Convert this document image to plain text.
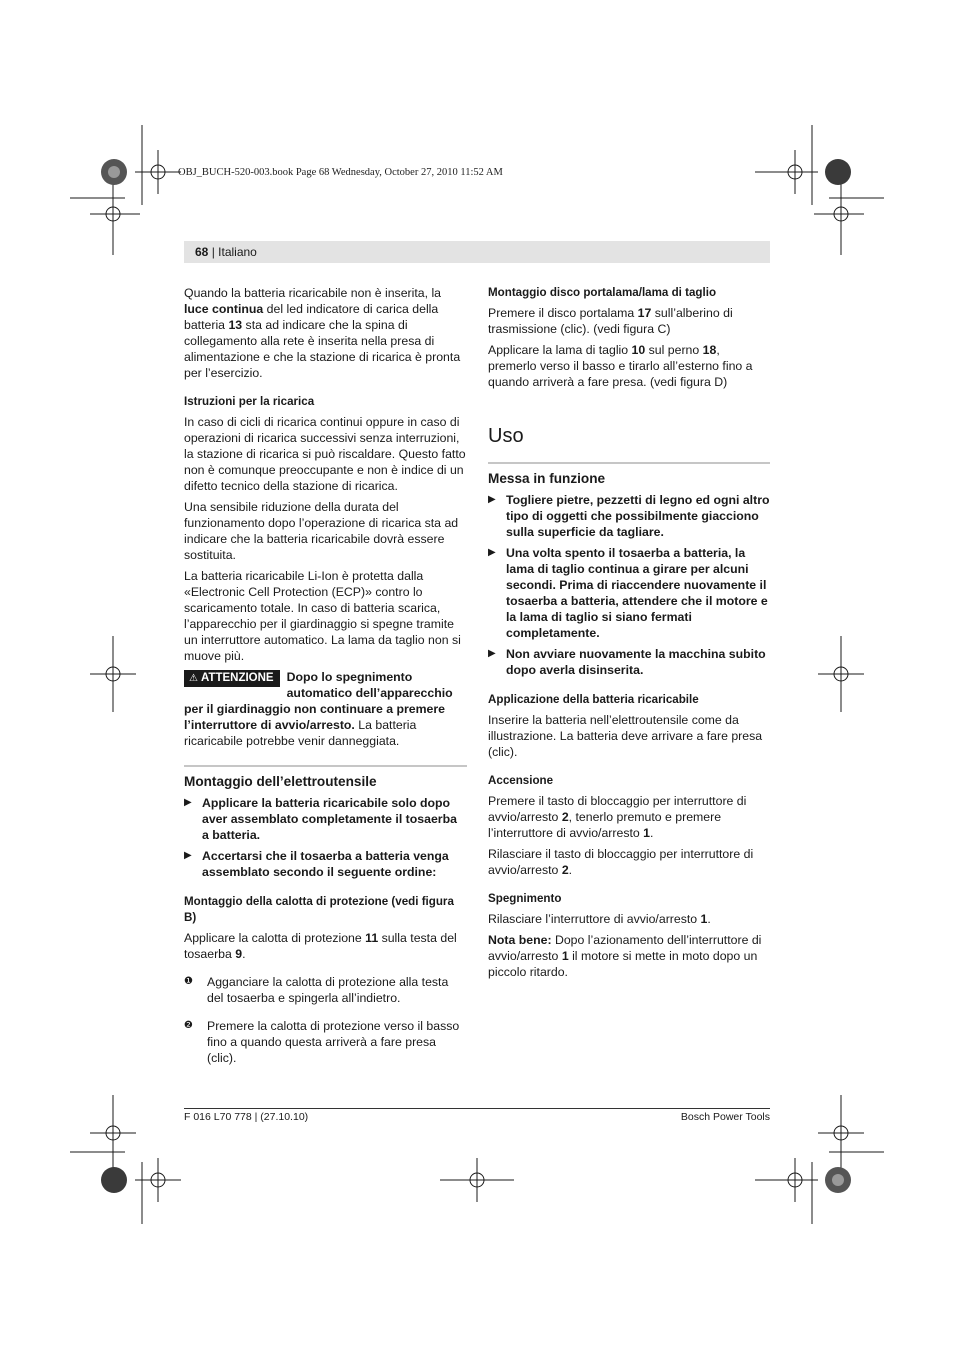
OBJ_BUCH-520-003.book Page 68 Wednesday, October 27, 2010 11:52 AM
68 | Italiano

Quando la batteria ricaricabile non è inserita, la luce continua del led indicatore di carica della batteria 13 sta ad indicare che la spina di collegamento alla rete è inserita nella presa di alimentazione e che la stazione di ricarica è pronta per l’esercizio.

Istruzioni per la ricarica

In caso di cicli di ricarica continui oppure in caso di operazioni di ricarica successivi senza interruzioni, la stazione di ricarica si può riscaldare. Questo fatto non è comunque preoccupante e non è indice di un difetto tecnico della stazione di ricarica.

Una sensibile riduzione della durata del funzionamento dopo l’operazione di ricarica sta ad indicare che la batteria ricaricabile dovrà essere sostituita.

La batteria ricaricabile Li-Ion è protetta dalla «Electronic Cell Protection (ECP)» contro lo scaricamento totale. In caso di batteria scarica, l’apparecchio per il giardinaggio si spegne tramite un interruttore automatico. La lama da taglio non si muove più.

⚠ ATTENZIONE	Dopo lo spegnimento automatico dell’apparecchio per il giardinaggio non continuare a premere l’interruttore di avvio/arresto. La batteria ricaricabile potrebbe venir danneggiata.

Montaggio dell’elettroutensile
▶ Applicare la batteria ricaricabile solo dopo aver assemblato completamente il tosaerba a batteria.
▶ Accertarsi che il tosaerba a batteria venga assemblato secondo il seguente ordine:
Montaggio della calotta di protezione (vedi figura B)

Applicare la calotta di protezione 11 sulla testa del tosaerba 9.

❶	Agganciare la calotta di protezione alla testa del tosaerba e spingerla all’indietro.
❷	Premere la calotta di protezione verso il basso fino a quando questa arriverà a fare presa (clic).
Montaggio disco portalama/lama di taglio

Premere il disco portalama 17 sull’alberino di trasmissione (clic). (vedi figura C)

Applicare la lama di taglio 10 sul perno 18, premerlo verso il basso e tirarlo all’esterno fino a quando arriverà a fare presa. (vedi figura D)

Uso
Messa in funzione
▶ Togliere pietre, pezzetti di legno ed ogni altro tipo di oggetti che possibilmente giacciono sulla superficie da tagliare.
▶ Una volta spento il tosaerba a batteria, la lama di taglio continua a girare per alcuni secondi. Prima di riaccendere nuovamente il tosaerba a batteria, attendere che il motore e la lama di taglio si siano fermati completamente.
▶ Non avviare nuovamente la macchina subito dopo averla disinserita.
Applicazione della batteria ricaricabile

Inserire la batteria nell’elettroutensile come da illustrazione. La batteria deve arrivare a fare presa (clic).

Accensione

Premere il tasto di bloccaggio per interruttore di avvio/arresto 2, tenerlo premuto e premere l’interruttore di avvio/arresto 1.

Rilasciare il tasto di bloccaggio per interruttore di avvio/arresto 2.

Spegnimento

Rilasciare l’interruttore di avvio/arresto 1.

Nota bene: Dopo l’azionamento dell’interruttore di avvio/arresto 1 il motore si mette in moto dopo un piccolo ritardo.

F 016 L70 778 | (27.10.10)	Bosch Power Tools
